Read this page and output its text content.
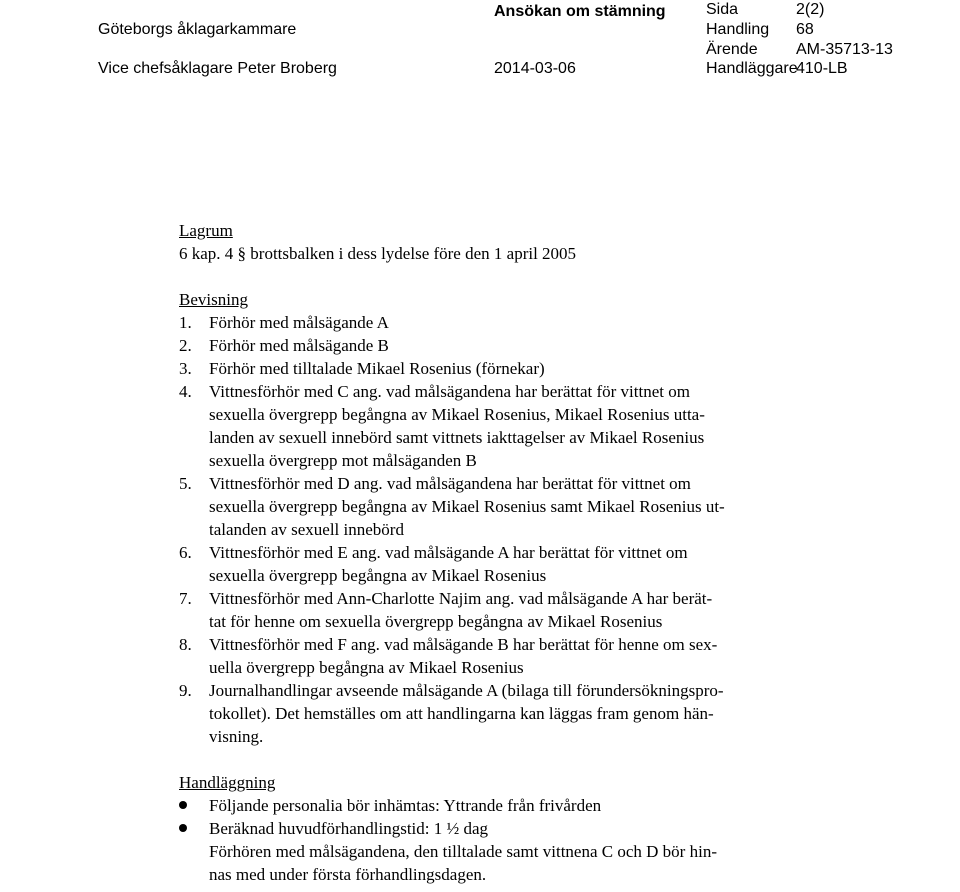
Göteborgs åklagarkammare
Vice chefsåklagare Peter Broberg
Ansökan om stämning
2014-03-06
Sida	2(2)
Handling 68
Ärende AM-35713-13
Handläggare
410-LB
Lagrum
6 kap. 4 § brottsbalken i dess lydelse före den 1 april 2005
Bevisning
1. Förhör med målsägande A
2. Förhör med målsägande B
3. Förhör med tilltalade Mikael Rosenius (förnekar)
4. Vittnesförhör med C ang. vad målsägandena har berättat för vittnet om
sexuella övergrepp begångna av Mikael Rosenius, Mikael Rosenius utta-
landen av sexuell innebörd samt vittnets iakttagelser av Mikael Rosenius
sexuella övergrepp mot målsäganden B
5. Vittnesförhör med D ang. vad målsägandena har berättat för vittnet om
sexuella övergrepp begångna av Mikael Rosenius samt Mikael Rosenius ut-
talanden av sexuell innebörd
6. Vittnesförhör med E ang. vad målsägande A har berättat för vittnet om
sexuella övergrepp begångna av Mikael Rosenius
7. Vittnesförhör med Ann-Charlotte Najim ang. vad målsägande A har berät-
tat för henne om sexuella övergrepp begångna av Mikael Rosenius
8. Vittnesförhör med F ang. vad målsägande B har berättat för henne om sex-
uella övergrepp begångna av Mikael Rosenius
9. Journalhandlingar avseende målsägande A (bilaga till förundersökningspro-
tokollet). Det hemställes om att handlingarna kan läggas fram genom hän-
visning.
Handläggning
Följande personalia bör inhämtas: Yttrande från frivården
Beräknad huvudförhandlingstid: 1 ½ dag
Förhören med målsägandena, den tilltalade samt vittnena C och D bör hin-
nas med under första förhandlingsdagen.
